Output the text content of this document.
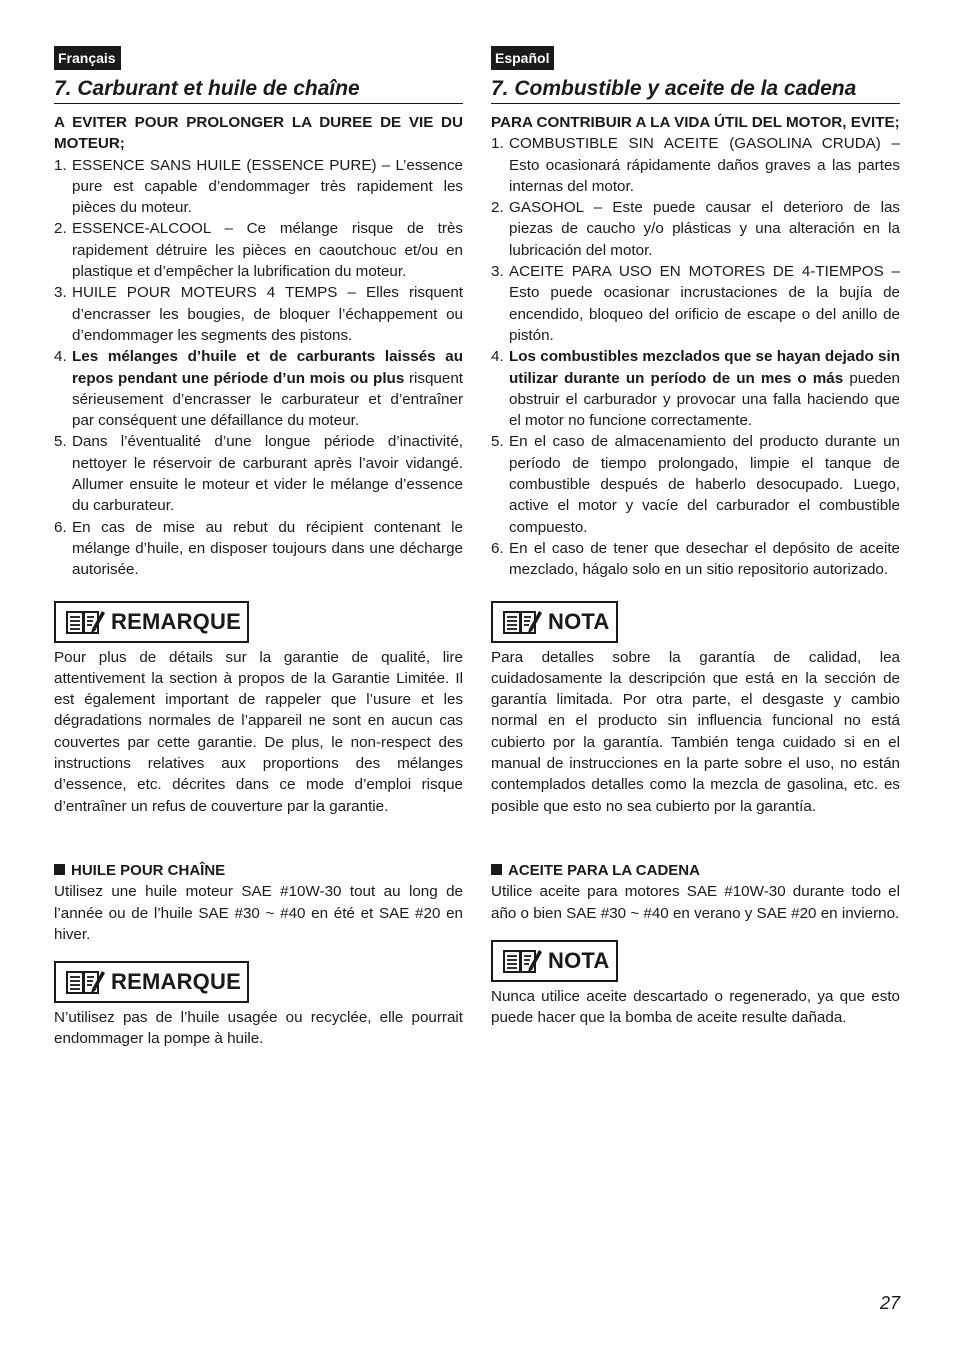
Français
7. Carburant et huile de chaîne
A EVITER POUR PROLONGER LA DUREE DE VIE DU MOTEUR;
1. ESSENCE SANS HUILE (ESSENCE PURE) – L’essence pure est capable d’endommager très rapidement les pièces du moteur.
2. ESSENCE-ALCOOL – Ce mélange risque de très rapidement détruire les pièces en caoutchouc et/ou en plastique et d’empêcher la lubrification du moteur.
3. HUILE POUR MOTEURS 4 TEMPS – Elles risquent d’encrasser les bougies, de bloquer l’échappement ou d’endommager les segments des pistons.
4. Les mélanges d’huile et de carburants laissés au repos pendant une période d’un mois ou plus risquent sérieusement d’encrasser le carburateur et d’entraîner par conséquent une défaillance du moteur.
5. Dans l’éventualité d’une longue période d’inactivité, nettoyer le réservoir de carburant après l’avoir vidangé. Allumer ensuite le moteur et vider le mélange d’essence du carburateur.
6. En cas de mise au rebut du récipient contenant le mélange d’huile, en disposer toujours dans une décharge autorisée.
REMARQUE
Pour plus de détails sur la garantie de qualité, lire attentivement la section à propos de la Garantie Limitée. Il est également important de rappeler que l’usure et les dégradations normales de l’appareil ne sont en aucun cas couvertes par cette garantie. De plus, le non-respect des instructions relatives aux proportions des mélanges d’essence, etc. décrites dans ce mode d’emploi risque d’entraîner un refus de couverture par la garantie.
HUILE POUR CHAÎNE
Utilisez une huile moteur SAE #10W-30 tout au long de l’année ou de l’huile SAE #30 ~ #40 en été et SAE #20 en hiver.
REMARQUE
N’utilisez pas de l’huile usagée ou recyclée, elle pourrait endommager la pompe à huile.
Español
7. Combustible y aceite de la cadena
PARA CONTRIBUIR A LA VIDA ÚTIL DEL MOTOR, EVITE;
1. COMBUSTIBLE SIN ACEITE (GASOLINA CRUDA) – Esto ocasionará rápidamente daños graves a las partes internas del motor.
2. GASOHOL – Este puede causar el deterioro de las piezas de caucho y/o plásticas y una alteración en la lubricación del motor.
3. ACEITE PARA USO EN MOTORES DE 4-TIEMPOS – Esto puede ocasionar incrustaciones de la bujía de encendido, bloqueo del orificio de escape o del anillo de pistón.
4. Los combustibles mezclados que se hayan dejado sin utilizar durante un período de un mes o más pueden obstruir el carburador y provocar una falla haciendo que el motor no funcione correctamente.
5. En el caso de almacenamiento del producto durante un período de tiempo prolongado, limpie el tanque de combustible después de haberlo desocupado. Luego, active el motor y vacíe del carburador el combustible compuesto.
6. En el caso de tener que desechar el depósito de aceite mezclado, hágalo solo en un sitio repositorio autorizado.
NOTA
Para detalles sobre la garantía de calidad, lea cuidadosamente la descripción que está en la sección de garantía limitada. Por otra parte, el desgaste y cambio normal en el producto sin influencia funcional no está cubierto por la garantía. También tenga cuidado si en el manual de instrucciones en la parte sobre el uso, no están contemplados detalles como la mezcla de gasolina, etc. es posible que esto no sea cubierto por la garantía.
ACEITE PARA LA CADENA
Utilice aceite para motores SAE #10W-30 durante todo el año o bien SAE #30 ~ #40 en verano y SAE #20 en invierno.
NOTA
Nunca utilice aceite descartado o regenerado, ya que esto puede hacer que la bomba de aceite resulte dañada.
27
